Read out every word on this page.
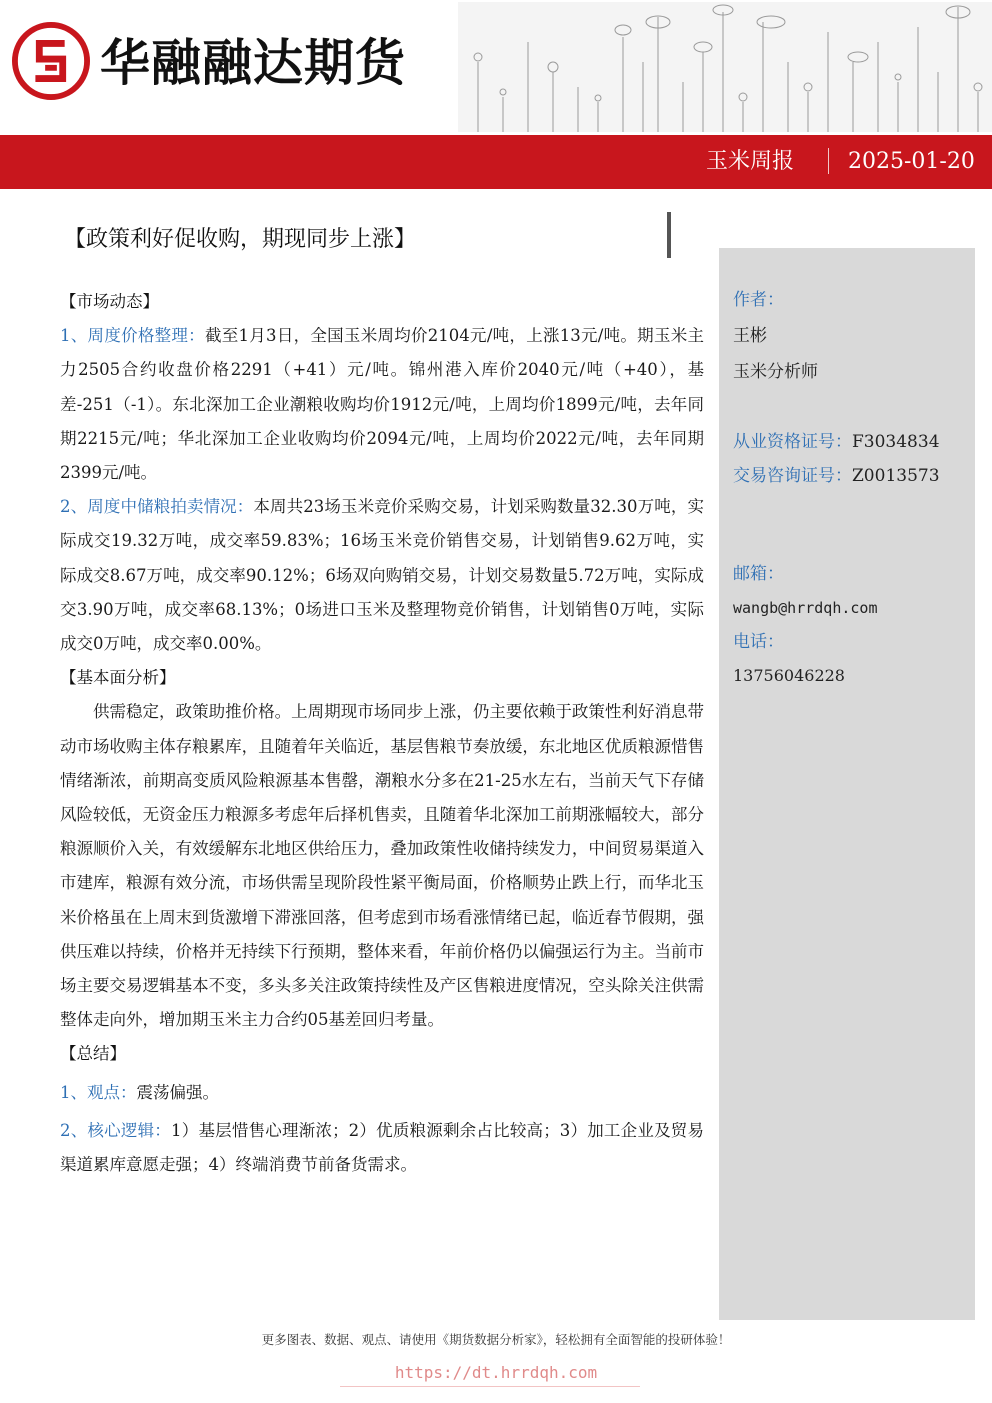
华融融达期货
玉米周报 2025-01-20
【政策利好促收购，期现同步上涨】
作者：
王彬
玉米分析师
从业资格证号：F3034834
交易咨询证号：Z0013573
邮箱：
wangb@hrrdqh.com
电话：
13756046228

【市场动态】

1、周度价格整理：截至1月3日，全国玉米周均价2104元/吨，上涨13元/吨。期玉米主力2505合约收盘价格2291（+41）元/吨。锦州港入库价2040元/吨（+40），基差-251（-1）。东北深加工企业潮粮收购均价1912元/吨，上周均价1899元/吨，去年同期2215元/吨；华北深加工企业收购均价2094元/吨，上周均价2022元/吨，去年同期2399元/吨。

2、周度中储粮拍卖情况：本周共23场玉米竞价采购交易，计划采购数量32.30万吨，实际成交19.32万吨，成交率59.83%；16场玉米竞价销售交易，计划销售9.62万吨，实际成交8.67万吨，成交率90.12%；6场双向购销交易，计划交易数量5.72万吨，实际成交3.90万吨，成交率68.13%；0场进口玉米及整理物竞价销售，计划销售0万吨，实际成交0万吨，成交率0.00%。

【基本面分析】

供需稳定，政策助推价格。上周期现市场同步上涨，仍主要依赖于政策性利好消息带动市场收购主体存粮累库，且随着年关临近，基层售粮节奏放缓，东北地区优质粮源惜售情绪渐浓，前期高变质风险粮源基本售罄，潮粮水分多在21-25水左右，当前天气下存储风险较低，无资金压力粮源多考虑年后择机售卖，且随着华北深加工前期涨幅较大，部分粮源顺价入关，有效缓解东北地区供给压力，叠加政策性收储持续发力，中间贸易渠道入市建库，粮源有效分流，市场供需呈现阶段性紧平衡局面，价格顺势止跌上行，而华北玉米价格虽在上周末到货激增下滞涨回落，但考虑到市场看涨情绪已起，临近春节假期，强供压难以持续，价格并无持续下行预期，整体来看，年前价格仍以偏强运行为主。当前市场主要交易逻辑基本不变，多头多关注政策持续性及产区售粮进度情况，空头除关注供需整体走向外，增加期玉米主力合约05基差回归考量。

【总结】

1、观点：震荡偏强。

2、核心逻辑：1）基层惜售心理渐浓；2）优质粮源剩余占比较高；3）加工企业及贸易渠道累库意愿走强；4）终端消费节前备货需求。

更多图表、数据、观点、请使用《期货数据分析家》，轻松拥有全面智能的投研体验！
https://dt.hrrdqh.com
